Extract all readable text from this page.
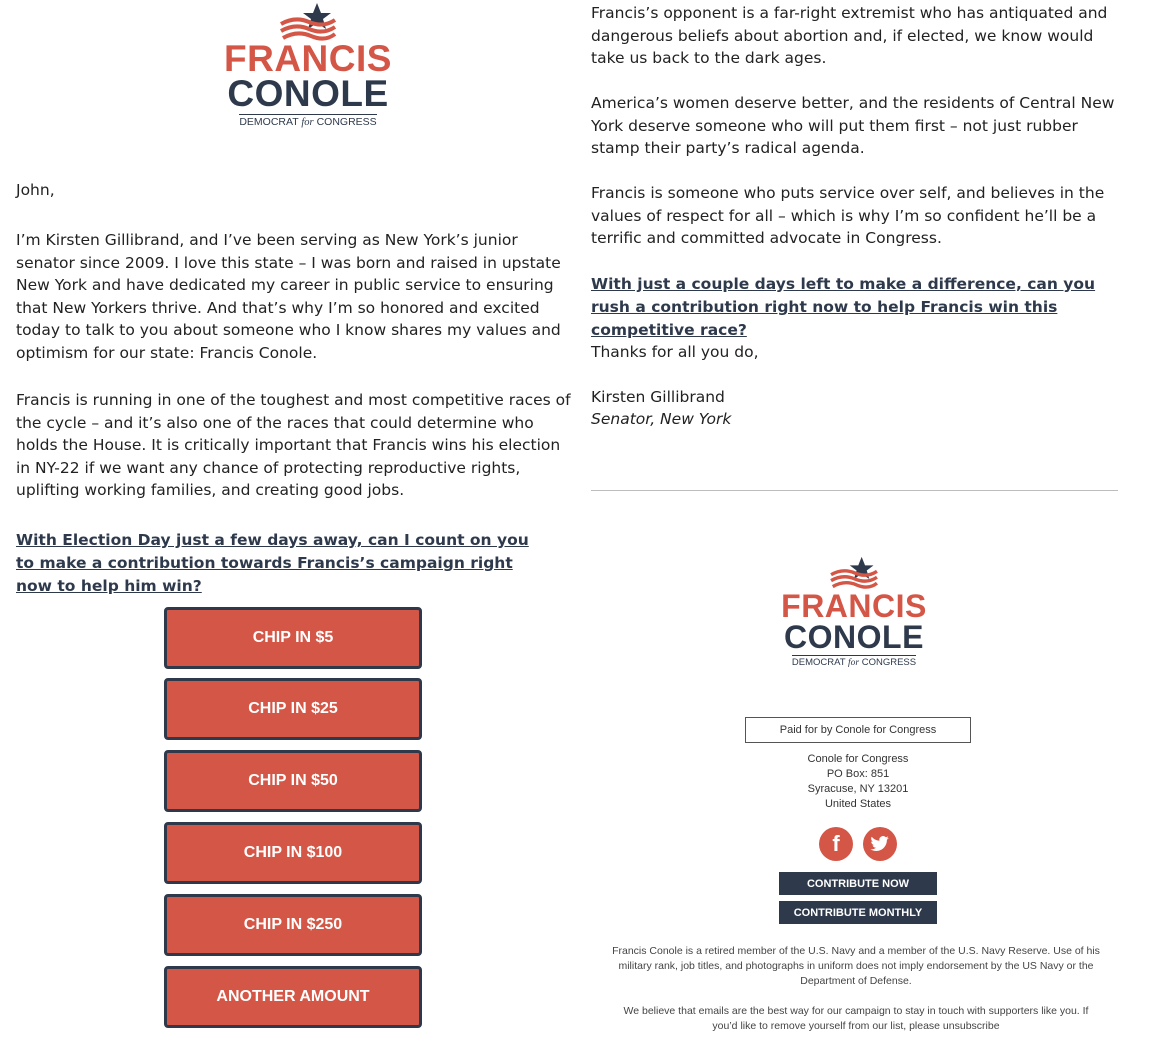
FRANCIS
CONOLE
DEMOCRAT for CONGRESS

John,

I’m Kirsten Gillibrand, and I’ve been serving as New York’s junior senator since 2009. I love this state – I was born and raised in upstate New York and have dedicated my career in public service to ensuring that New Yorkers thrive. And that’s why I’m so honored and excited today to talk to you about someone who I know shares my values and optimism for our state: Francis Conole.

Francis is running in one of the toughest and most competitive races of the cycle – and it’s also one of the races that could determine who holds the House. It is critically important that Francis wins his election in NY-22 if we want any chance of protecting reproductive rights, uplifting working families, and creating good jobs.

With Election Day just a few days away, can I count on you to make a contribution towards Francis’s campaign right now to help him win?
CHIP IN $5
CHIP IN $25
CHIP IN $50
CHIP IN $100
CHIP IN $250
ANOTHER AMOUNT

Francis’s opponent is a far-right extremist who has antiquated and dangerous beliefs about abortion and, if elected, we know would take us back to the dark ages.

America’s women deserve better, and the residents of Central New York deserve someone who will put them first – not just rubber stamp their party’s radical agenda.

Francis is someone who puts service over self, and believes in the values of respect for all – which is why I’m so confident he’ll be a terrific and committed advocate in Congress.

With just a couple days left to make a difference, can you rush a contribution right now to help Francis win this competitive race?

Thanks for all you do,

Kirsten Gillibrand

Senator, New York

FRANCIS
CONOLE
DEMOCRAT for CONGRESS
Paid for by Conole for Congress
Conole for Congress
PO Box: 851
Syracuse, NY 13201
United States
f
CONTRIBUTE NOW
CONTRIBUTE MONTHLY

Francis Conole is a retired member of the U.S. Navy and a member of the U.S. Navy Reserve. Use of his military rank, job titles, and photographs in uniform does not imply endorsement by the US Navy or the Department of Defense.

We believe that emails are the best way for our campaign to stay in touch with supporters like you. If you’d like to remove yourself from our list, please unsubscribe
